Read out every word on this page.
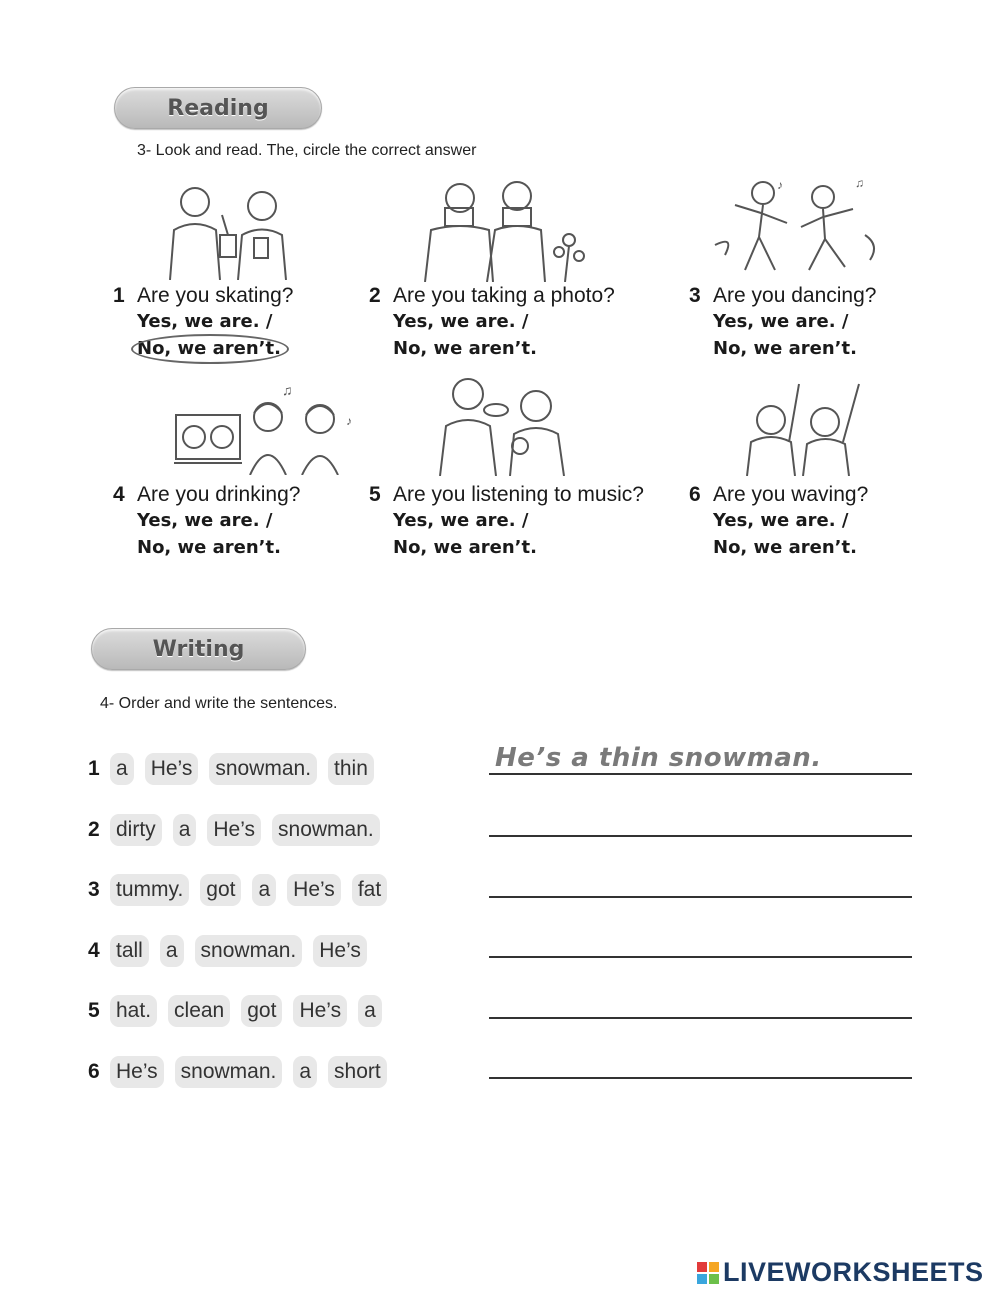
Reading
3- Look and read. The, circle the correct answer
♪	♫
♫
♪
1 Are you skating?
Yes, we are. /
No, we aren’t.
2 Are you taking a photo?
Yes, we are. /
No, we aren’t.
3 Are you dancing?
Yes, we are. /
No, we aren’t.
4 Are you drinking?
Yes, we are. /
No, we aren’t.
5 Are you listening to music?
Yes, we are. /
No, we aren’t.
6 Are you waving?
Yes, we are. /
No, we aren’t.
Writing
4- Order and write the sentences.
1 a He’s snowman. thin
2 dirty a He’s snowman.
3 tummy. got a He’s fat
4 tall a snowman. He’s
5 hat. clean got He’s a
6 He’s snowman. a short
He’s a thin snowman.
LIVEWORKSHEETS
